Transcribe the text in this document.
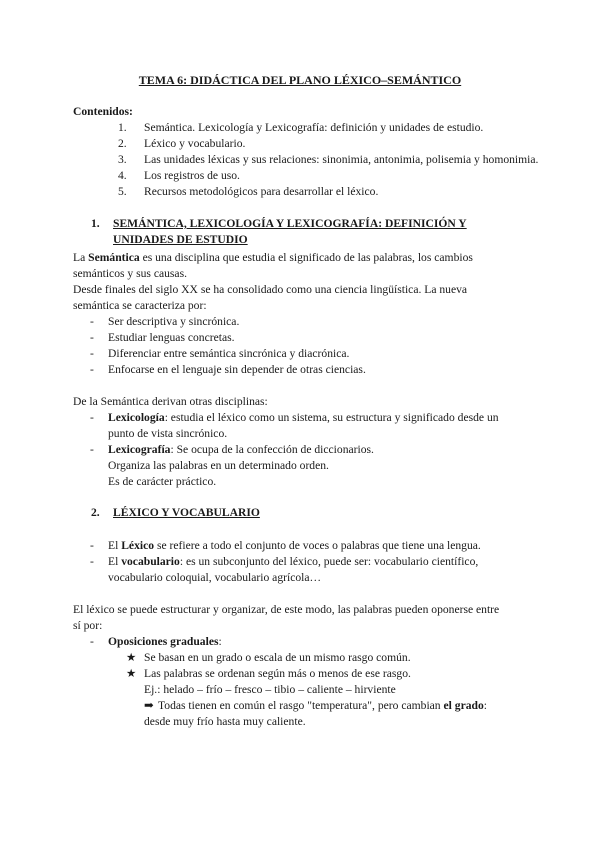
TEMA 6: DIDÁCTICA DEL PLANO LÉXICO–SEMÁNTICO
Contenidos:
1. Semántica. Lexicología y Lexicografía: definición y unidades de estudio.
2. Léxico y vocabulario.
3. Las unidades léxicas y sus relaciones: sinonimia, antonimia, polisemia y homonimia.
4. Los registros de uso.
5. Recursos metodológicos para desarrollar el léxico.
1. SEMÁNTICA, LEXICOLOGÍA Y LEXICOGRAFÍA: DEFINICIÓN Y
UNIDADES DE ESTUDIO
La Semántica es una disciplina que estudia el significado de las palabras, los cambios
semánticos y sus causas.
Desde finales del siglo XX se ha consolidado como una ciencia lingüística. La nueva
semántica se caracteriza por:
- Ser descriptiva y sincrónica.
- Estudiar lenguas concretas.
- Diferenciar entre semántica sincrónica y diacrónica.
- Enfocarse en el lenguaje sin depender de otras ciencias.
De la Semántica derivan otras disciplinas:
- Lexicología: estudia el léxico como un sistema, su estructura y significado desde un
punto de vista sincrónico.
- Lexicografía: Se ocupa de la confección de diccionarios.
Organiza las palabras en un determinado orden.
Es de carácter práctico.
2. LÉXICO Y VOCABULARIO
- El Léxico se refiere a todo el conjunto de voces o palabras que tiene una lengua.
- El vocabulario: es un subconjunto del léxico, puede ser: vocabulario científico,
vocabulario coloquial, vocabulario agrícola…
El léxico se puede estructurar y organizar, de este modo, las palabras pueden oponerse entre
sí por:
- Oposiciones graduales:
★ Se basan en un grado o escala de un mismo rasgo común.
★ Las palabras se ordenan según más o menos de ese rasgo.
Ej.: helado – frío – fresco – tibio – caliente – hirviente
➡ Todas tienen en común el rasgo "temperatura", pero cambian el grado:
desde muy frío hasta muy caliente.
